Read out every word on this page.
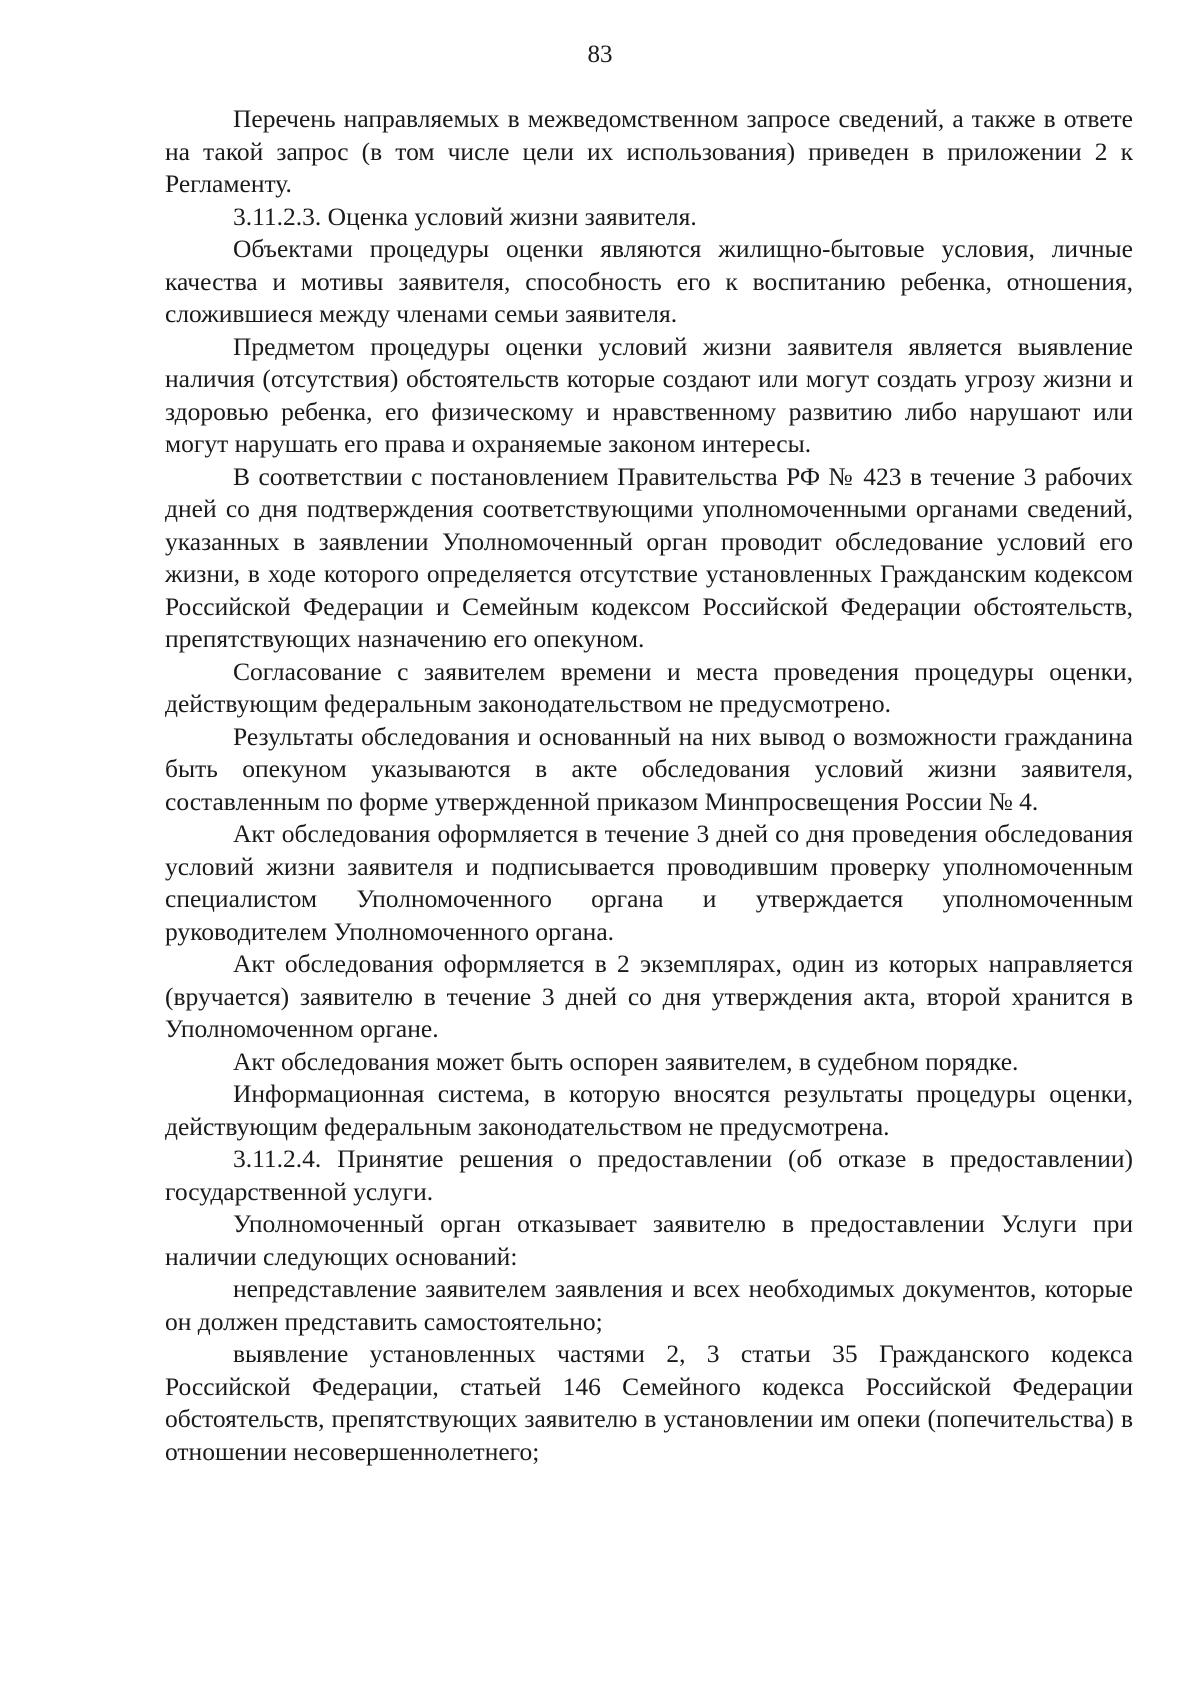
83

Перечень направляемых в межведомственном запросе сведений, а также в ответе на такой запрос (в том числе цели их использования) приведен в приложении 2 к Регламенту.

3.11.2.3. Оценка условий жизни заявителя.

Объектами процедуры оценки являются жилищно-бытовые условия, личные качества и мотивы заявителя, способность его к воспитанию ребенка, отношения, сложившиеся между членами семьи заявителя.

Предметом процедуры оценки условий жизни заявителя является выявление наличия (отсутствия) обстоятельств которые создают или могут создать угрозу жизни и здоровью ребенка, его физическому и нравственному развитию либо нарушают или могут нарушать его права и охраняемые законом интересы.

В соответствии с постановлением Правительства РФ № 423 в течение 3 рабочих дней со дня подтверждения соответствующими уполномоченными органами сведений, указанных в заявлении Уполномоченный орган проводит обследование условий его жизни, в ходе которого определяется отсутствие установленных Гражданским кодексом Российской Федерации и Семейным кодексом Российской Федерации обстоятельств, препятствующих назначению его опекуном.

Согласование с заявителем времени и места проведения процедуры оценки, действующим федеральным законодательством не предусмотрено.

Результаты обследования и основанный на них вывод о возможности гражданина быть опекуном указываются в акте обследования условий жизни заявителя, составленным по форме утвержденной приказом Минпросвещения России № 4.

Акт обследования оформляется в течение 3 дней со дня проведения обследования условий жизни заявителя и подписывается проводившим проверку уполномоченным специалистом Уполномоченного органа и утверждается уполномоченным руководителем Уполномоченного органа.

Акт обследования оформляется в 2 экземплярах, один из которых направляется (вручается) заявителю в течение 3 дней со дня утверждения акта, второй хранится в Уполномоченном органе.

Акт обследования может быть оспорен заявителем, в судебном порядке.

Информационная система, в которую вносятся результаты процедуры оценки, действующим федеральным законодательством не предусмотрена.

3.11.2.4. Принятие решения о предоставлении (об отказе в предоставлении) государственной услуги.

Уполномоченный орган отказывает заявителю в предоставлении Услуги при наличии следующих оснований:

непредставление заявителем заявления и всех необходимых документов, которые он должен представить самостоятельно;

выявление установленных частями 2, 3 статьи 35 Гражданского кодекса Российской Федерации, статьей 146 Семейного кодекса Российской Федерации обстоятельств, препятствующих заявителю в установлении им опеки (попечительства) в отношении несовершеннолетнего;
